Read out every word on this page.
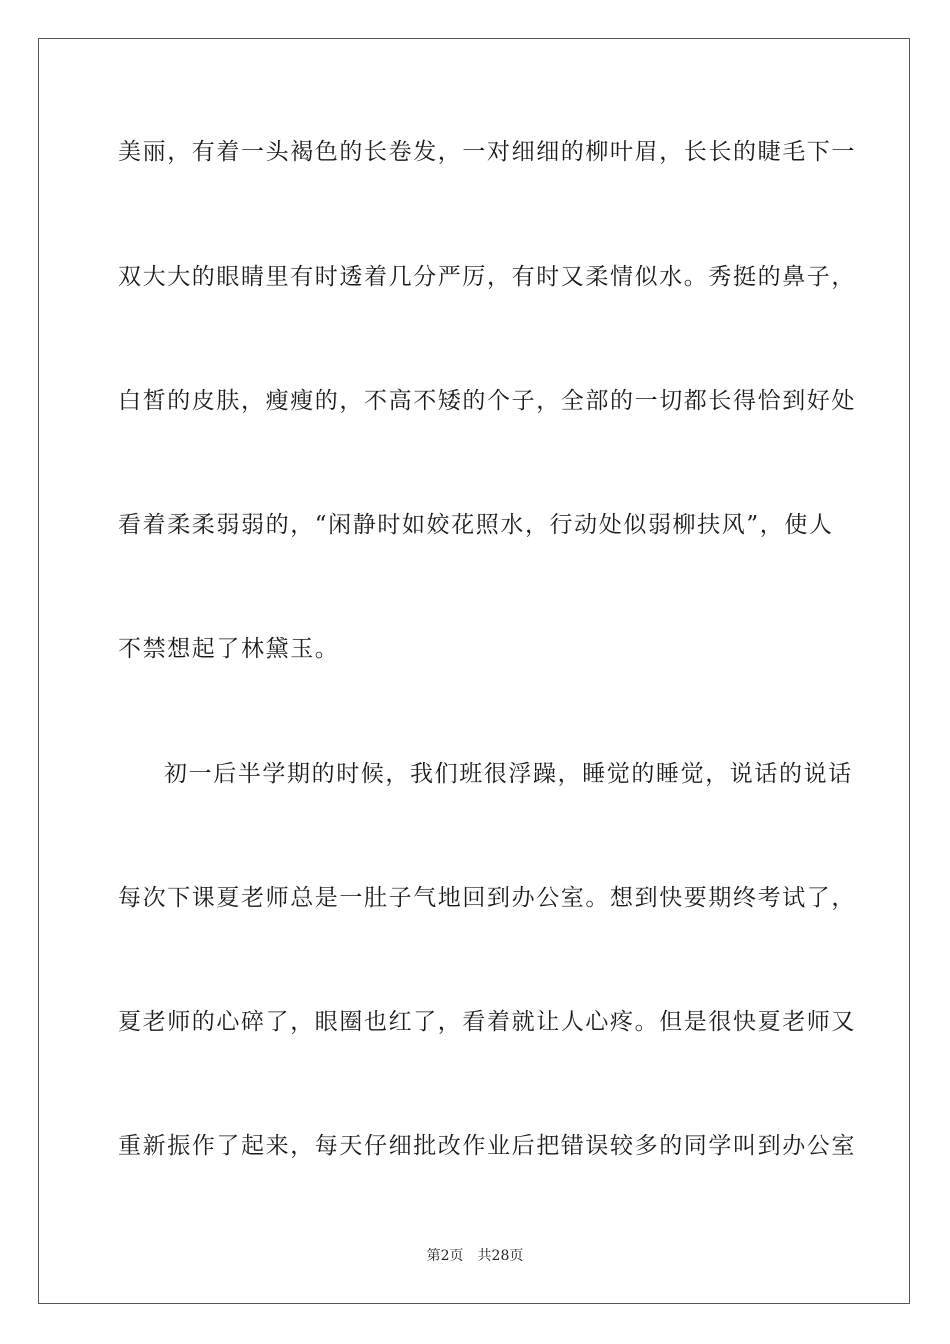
美丽，有着一头褐色的长卷发，一对细细的柳叶眉，长长的睫毛下一
双大大的眼睛里有时透着几分严厉，有时又柔情似水。秀挺的鼻子，
白皙的皮肤，瘦瘦的，不高不矮的个子，全部的一切都长得恰到好处
看着柔柔弱弱的，“闲静时如姣花照水，行动处似弱柳扶风”，使人
不禁想起了林黛玉。
初一后半学期的时候，我们班很浮躁，睡觉的睡觉，说话的说话
每次下课夏老师总是一肚子气地回到办公室。想到快要期终考试了，
夏老师的心碎了，眼圈也红了，看着就让人心疼。但是很快夏老师又
重新振作了起来，每天仔细批改作业后把错误较多的同学叫到办公室
第2页 共28页
